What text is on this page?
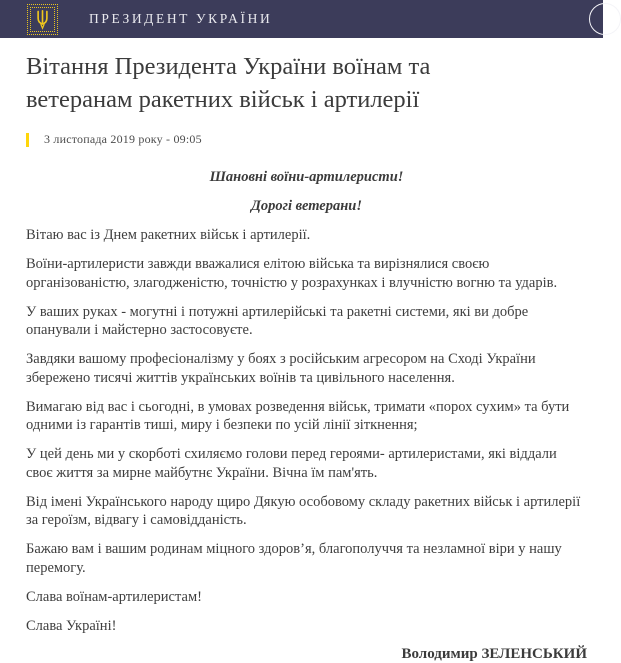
ПРЕЗИДЕНТ УКРАЇНИ
Вітання Президента України воїнам та ветеранам ракетних військ і артилерії
3 листопада 2019 року - 09:05

Шановні воїни-артилеристи!

Дорогі ветерани!

Вітаю вас із Днем ракетних військ і артилерії.

Воїни-артилеристи завжди вважалися елітою війська та вирізнялися своєю організованістю, злагодженістю, точністю у розрахунках і влучністю вогню та ударів.

У ваших руках - могутні і потужні артилерійські та ракетні системи, які ви добре опанували і майстерно застосовуєте.

Завдяки вашому професіоналізму у боях з російським агресором на Сході України збережено тисячі життів українських воїнів та цивільного населення.

Вимагаю від вас і сьогодні, в умовах розведення військ, тримати «порох сухим» та бути одними із гарантів тиші, миру і безпеки по усій лінії зіткнення;

У цей день ми у скорботі схиляємо голови перед героями- артилеристами, які віддали своє життя за мирне майбутнє України. Вічна їм пам'ять.

Від імені Українського народу щиро Дякую особовому складу ракетних військ і артилерії за героїзм, відвагу і самовідданість.

Бажаю вам і вашим родинам міцного здоров’я, благополуччя та незламної віри у нашу перемогу.

Слава воїнам-артилеристам!

Слава Україні!

Володимир ЗЕЛЕНСЬКИЙ
